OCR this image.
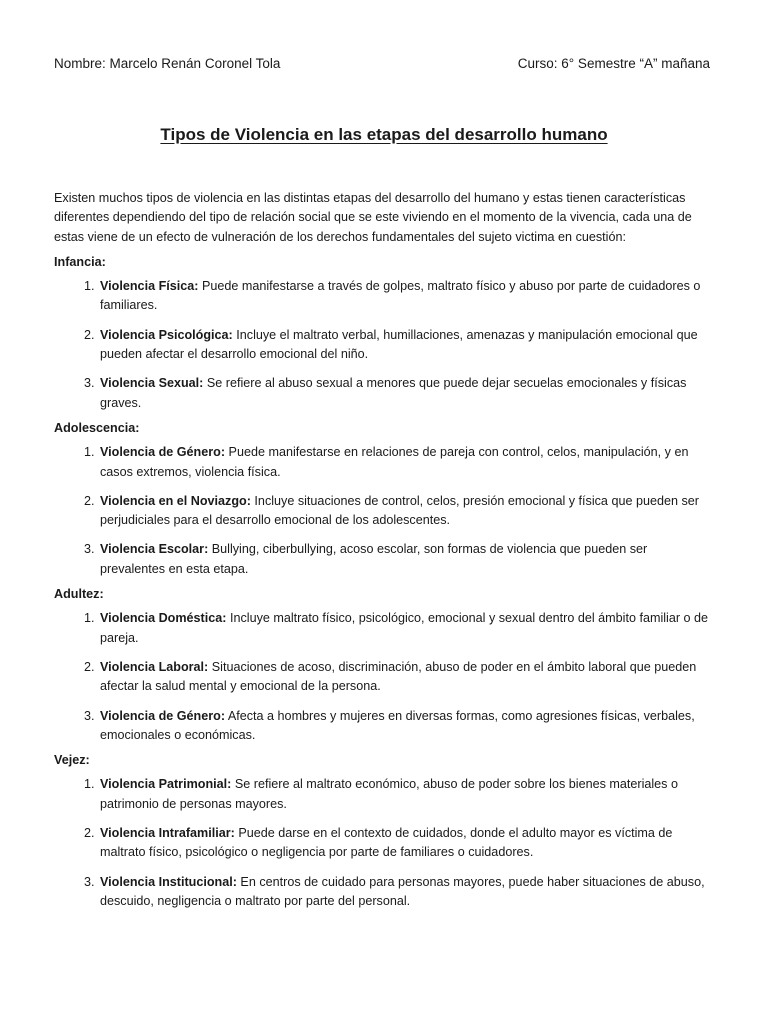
Nombre: Marcelo Renán Coronel Tola	Curso: 6° Semestre “A” mañana
Tipos de Violencia en las etapas del desarrollo humano

Existen muchos tipos de violencia en las distintas etapas del desarrollo del humano y estas tienen características diferentes dependiendo del tipo de relación social que se este viviendo en el momento de la vivencia, cada una de estas viene de un efecto de vulneración de los derechos fundamentales del sujeto victima en cuestión:

Infancia:
1. Violencia Física: Puede manifestarse a través de golpes, maltrato físico y abuso por parte de cuidadores o familiares.
2. Violencia Psicológica: Incluye el maltrato verbal, humillaciones, amenazas y manipulación emocional que pueden afectar el desarrollo emocional del niño.
3. Violencia Sexual: Se refiere al abuso sexual a menores que puede dejar secuelas emocionales y físicas graves.
Adolescencia:
1. Violencia de Género: Puede manifestarse en relaciones de pareja con control, celos, manipulación, y en casos extremos, violencia física.
2. Violencia en el Noviazgo: Incluye situaciones de control, celos, presión emocional y física que pueden ser perjudiciales para el desarrollo emocional de los adolescentes.
3. Violencia Escolar: Bullying, ciberbullying, acoso escolar, son formas de violencia que pueden ser prevalentes en esta etapa.
Adultez:
1. Violencia Doméstica: Incluye maltrato físico, psicológico, emocional y sexual dentro del ámbito familiar o de pareja.
2. Violencia Laboral: Situaciones de acoso, discriminación, abuso de poder en el ámbito laboral que pueden afectar la salud mental y emocional de la persona.
3. Violencia de Género: Afecta a hombres y mujeres en diversas formas, como agresiones físicas, verbales, emocionales o económicas.
Vejez:
1. Violencia Patrimonial: Se refiere al maltrato económico, abuso de poder sobre los bienes materiales o patrimonio de personas mayores.
2. Violencia Intrafamiliar: Puede darse en el contexto de cuidados, donde el adulto mayor es víctima de maltrato físico, psicológico o negligencia por parte de familiares o cuidadores.
3. Violencia Institucional: En centros de cuidado para personas mayores, puede haber situaciones de abuso, descuido, negligencia o maltrato por parte del personal.
